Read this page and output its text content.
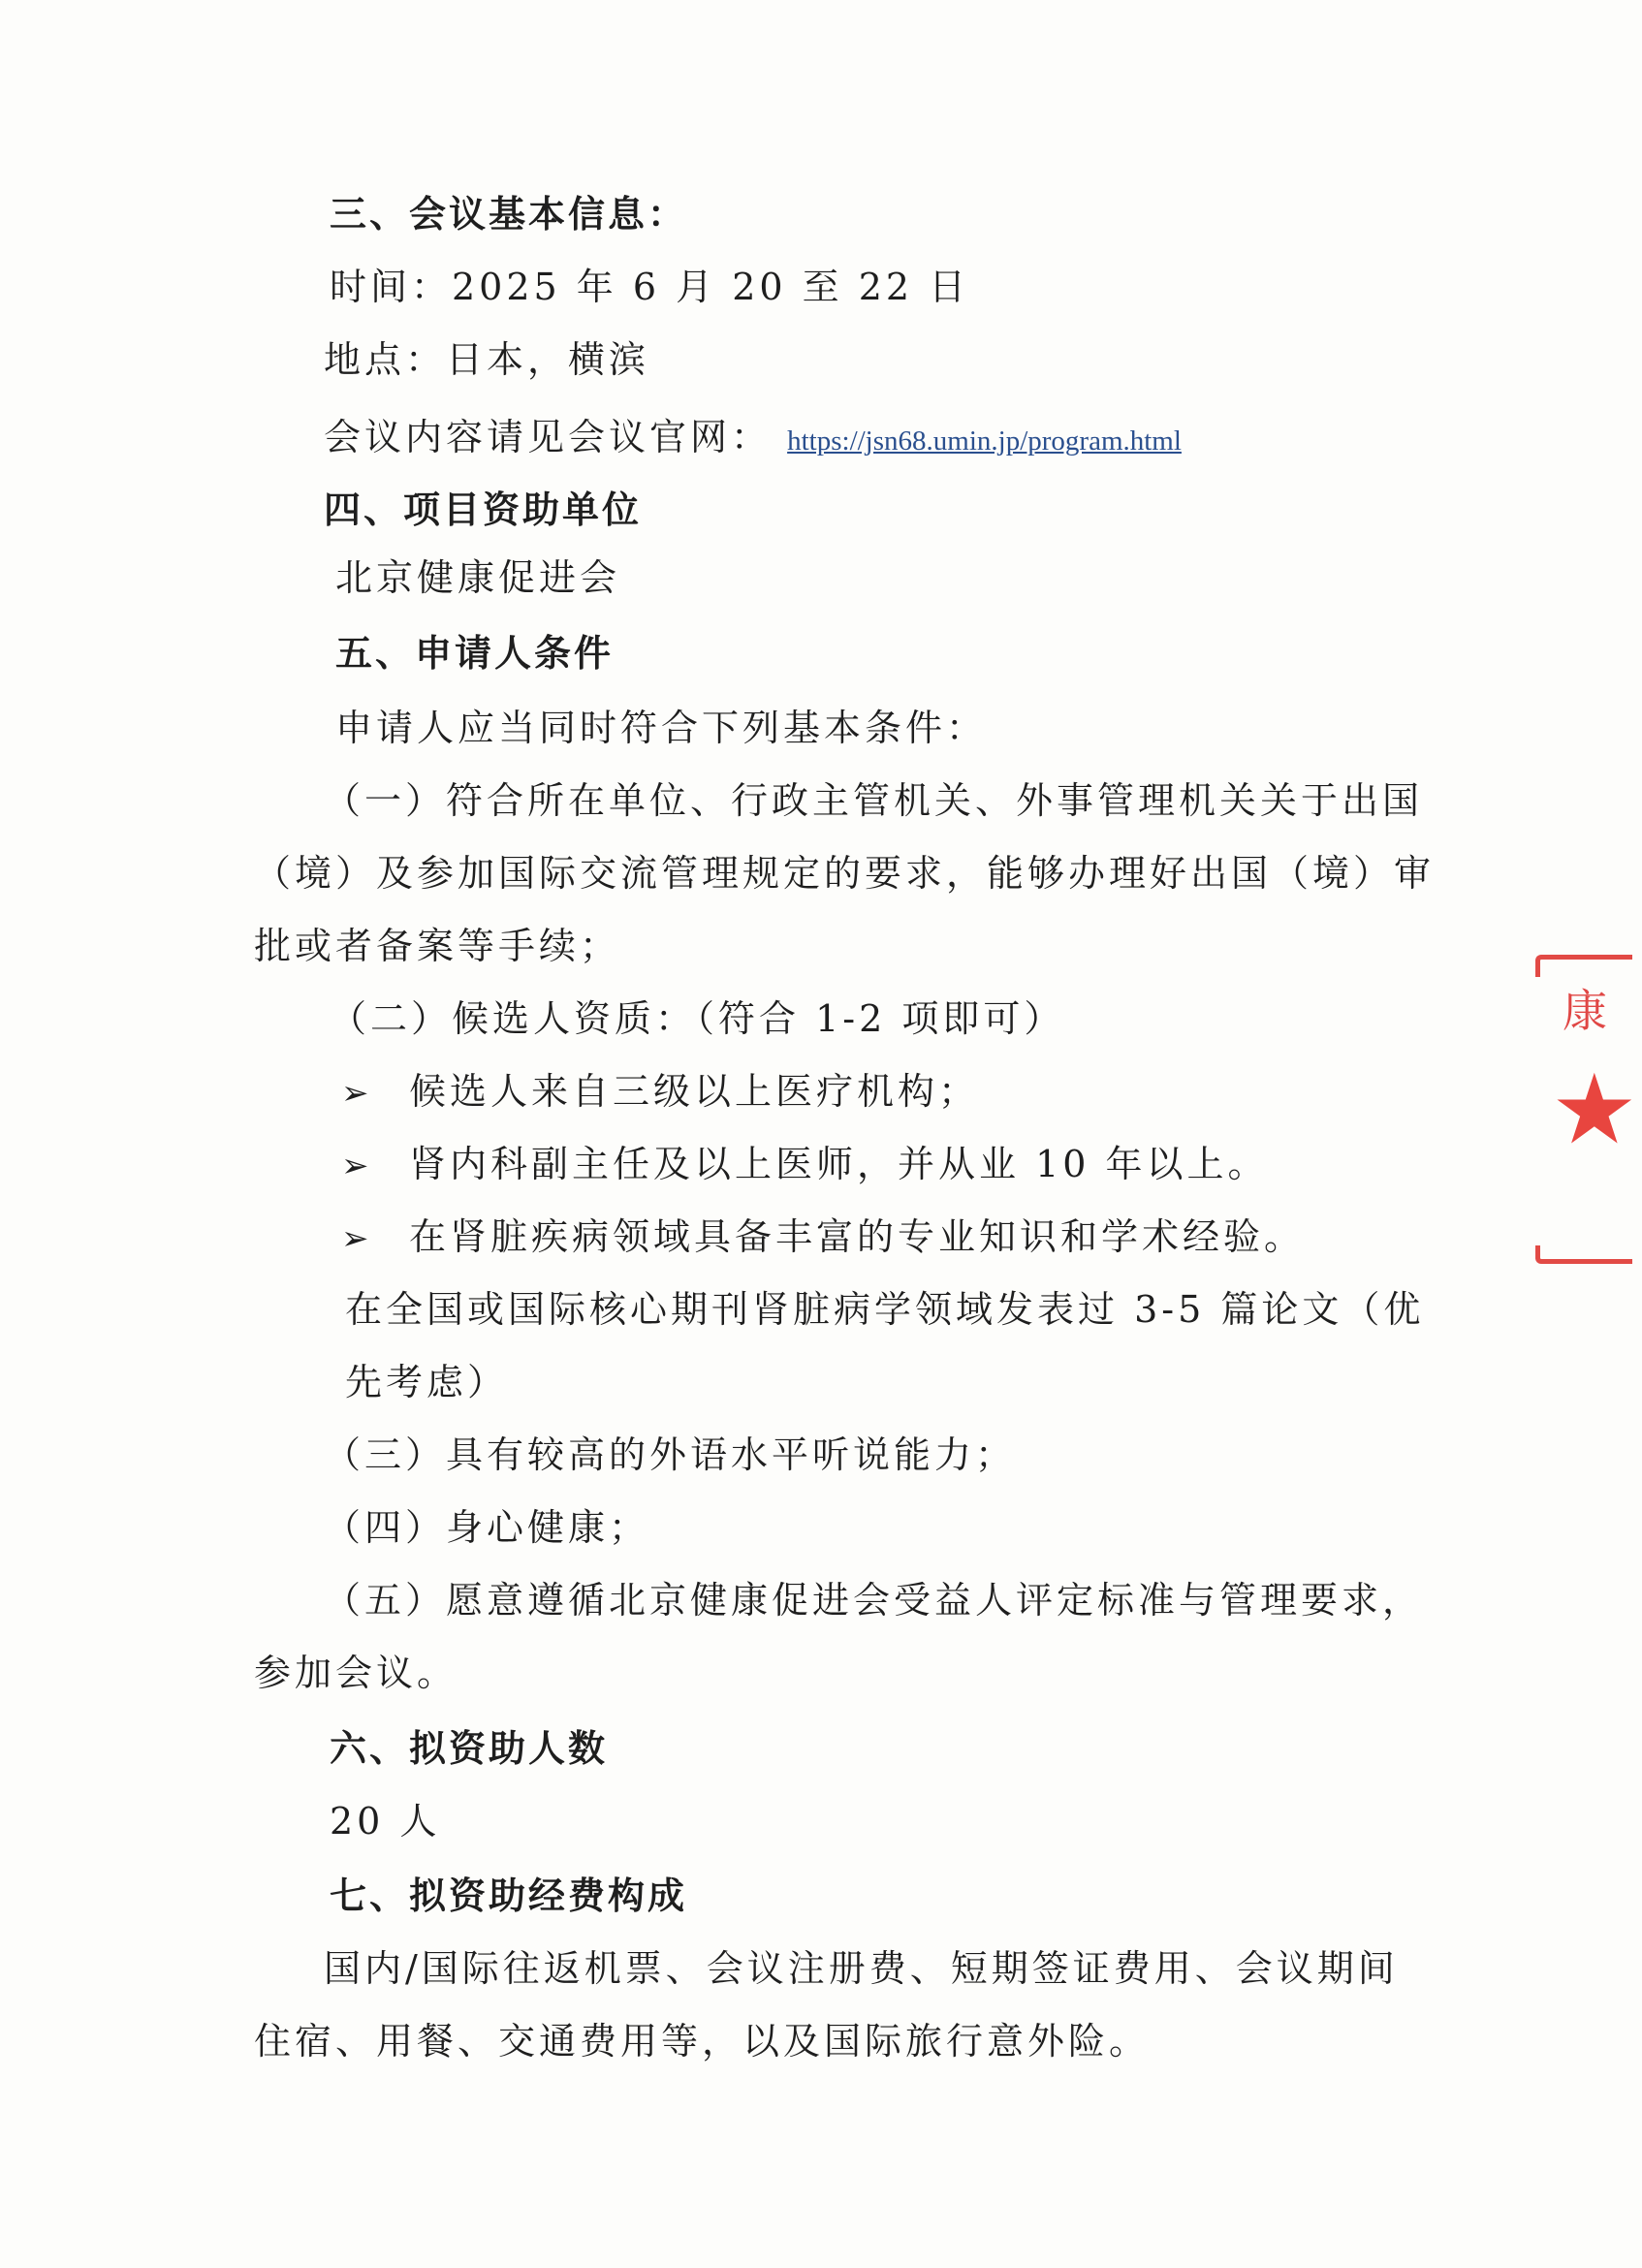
三、会议基本信息：
时间：2025 年 6 月 20 至 22 日
地点：日本，横滨
会议内容请见会议官网： https://jsn68.umin.jp/program.html
四、项目资助单位
北京健康促进会
五、申请人条件
申请人应当同时符合下列基本条件：
（一）符合所在单位、行政主管机关、外事管理机关关于出国
（境）及参加国际交流管理规定的要求，能够办理好出国（境）审
批或者备案等手续；
（二）候选人资质：（符合 1-2 项即可）
➢ 候选人来自三级以上医疗机构；
➢ 肾内科副主任及以上医师，并从业 10 年以上。
➢ 在肾脏疾病领域具备丰富的专业知识和学术经验。
在全国或国际核心期刊肾脏病学领域发表过 3-5 篇论文（优
先考虑）
（三）具有较高的外语水平听说能力；
（四）身心健康；
（五）愿意遵循北京健康促进会受益人评定标准与管理要求，
参加会议。
六、拟资助人数
20 人
七、拟资助经费构成
国内/国际往返机票、会议注册费、短期签证费用、会议期间
住宿、用餐、交通费用等，以及国际旅行意外险。
康
★
